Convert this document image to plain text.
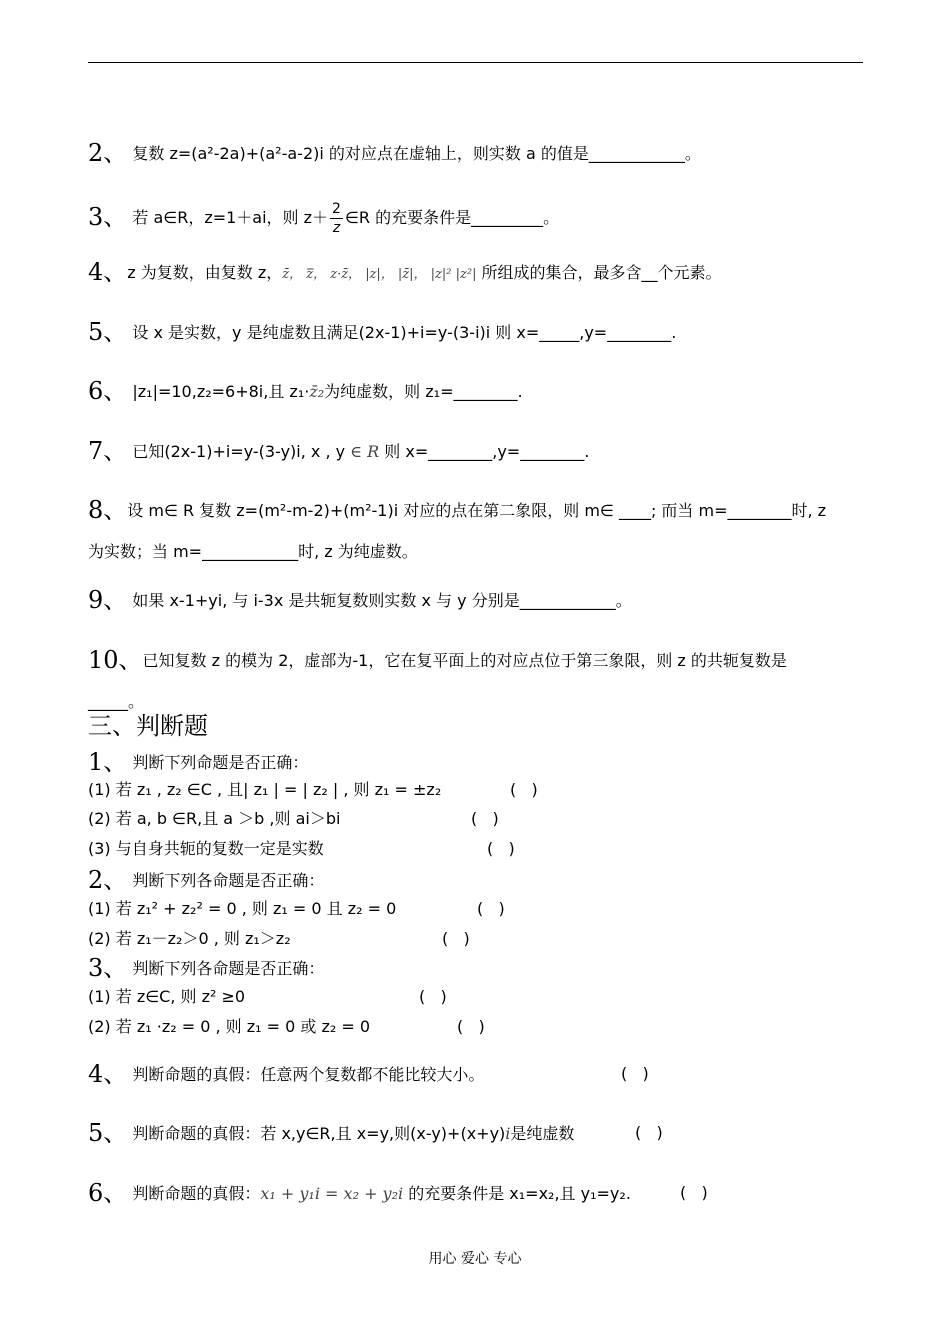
2、 复数 z=(a²-2a)+(a²-a-2)i 的对应点在虚轴上，则实数 a 的值是____________。
3、 若 a∈R，z=1＋ai，则 $z+ \frac{2}{z}$ ∈R 的充要条件是_________。
4、z 为复数，由复数 z，z̄， z̿， z·z̄， |z|， |z̄|， |z|² |z²| 所组成的集合，最多含__个元素。
5、 设 x 是实数，y 是纯虚数且满足(2x-1)+i=y-(3-i)i 则 x=_____,y=________.
6、 |z₁|=10,z₂=6+8i,且 z₁·z̄₂为纯虚数，则 z₁=________.
7、 已知(2x-1)+i=y-(3-y)i, x , y ∈ R 则 x=________,y=________.
8、设 m∈ R 复数 z=(m²-m-2)+(m²-1)i 对应的点在第二象限，则 m∈ ____; 而当 m=________时, z
为实数；当 m=____________时, z 为纯虚数。
9、 如果 x-1+yi, 与 i-3x 是共轭复数则实数 x 与 y 分别是____________。
10、已知复数 z 的模为 2，虚部为-1，它在复平面上的对应点位于第三象限，则 z 的共轭复数是
_____。
三、判断题
1、 判断下列命题是否正确：
(1) 若 z₁ , z₂ ∈C , 且| z₁ | = | z₂ | , 则 z₁ = ±z₂	(   )
(2) 若 a, b ∈R,且 a ＞b ,则 ai＞bi	(   )
(3) 与自身共轭的复数一定是实数	(   )
2、 判断下列各命题是否正确：
(1) 若 z₁² + z₂² = 0 , 则 z₁ = 0 且 z₂ = 0	(   )
(2) 若 z₁－z₂＞0 , 则 z₁＞z₂	(   )
3、 判断下列各命题是否正确：
(1) 若 z∈C, 则 z² ≥0	(   )
(2) 若 z₁ ·z₂ = 0 , 则 z₁ = 0 或 z₂ = 0	(   )
4、 判断命题的真假：任意两个复数都不能比较大小。	(   )
5、 判断命题的真假：若 x,y∈R,且 x=y,则(x-y)+(x+y)i是纯虚数	(   )
6、 判断命题的真假：x₁ + y₁i = x₂ + y₂i 的充要条件是 x₁=x₂,且 y₁=y₂.	(   )
用心 爱心 专心
